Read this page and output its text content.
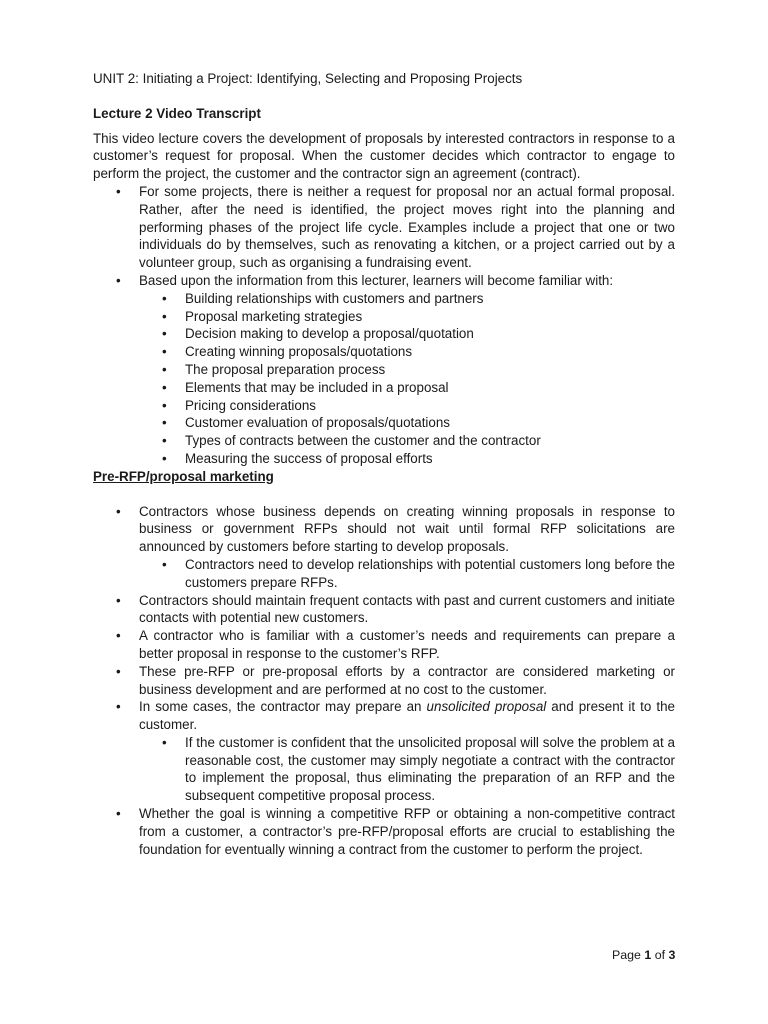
UNIT 2: Initiating a Project: Identifying, Selecting and Proposing Projects

Lecture 2 Video Transcript

This video lecture covers the development of proposals by interested contractors in response to a customer’s request for proposal. When the customer decides which contractor to engage to perform the project, the customer and the contractor sign an agreement (contract).

• For some projects, there is neither a request for proposal nor an actual formal proposal. Rather, after the need is identified, the project moves right into the planning and performing phases of the project life cycle. Examples include a project that one or two individuals do by themselves, such as renovating a kitchen, or a project carried out by a volunteer group, such as organising a fundraising event.
• Based upon the information from this lecturer, learners will become familiar with:
• Building relationships with customers and partners
• Proposal marketing strategies
• Decision making to develop a proposal/quotation
• Creating winning proposals/quotations
• The proposal preparation process
• Elements that may be included in a proposal
• Pricing considerations
• Customer evaluation of proposals/quotations
• Types of contracts between the customer and the contractor
• Measuring the success of proposal efforts

Pre-RFP/proposal marketing

• Contractors whose business depends on creating winning proposals in response to business or government RFPs should not wait until formal RFP solicitations are announced by customers before starting to develop proposals.
• Contractors need to develop relationships with potential customers long before the customers prepare RFPs.
• Contractors should maintain frequent contacts with past and current customers and initiate contacts with potential new customers.
• A contractor who is familiar with a customer’s needs and requirements can prepare a better proposal in response to the customer’s RFP.
• These pre-RFP or pre-proposal efforts by a contractor are considered marketing or business development and are performed at no cost to the customer.
• In some cases, the contractor may prepare an unsolicited proposal and present it to the customer.
• If the customer is confident that the unsolicited proposal will solve the problem at a reasonable cost, the customer may simply negotiate a contract with the contractor to implement the proposal, thus eliminating the preparation of an RFP and the subsequent competitive proposal process.
• Whether the goal is winning a competitive RFP or obtaining a non-competitive contract from a customer, a contractor’s pre-RFP/proposal efforts are crucial to establishing the foundation for eventually winning a contract from the customer to perform the project.
Page 1 of 3
